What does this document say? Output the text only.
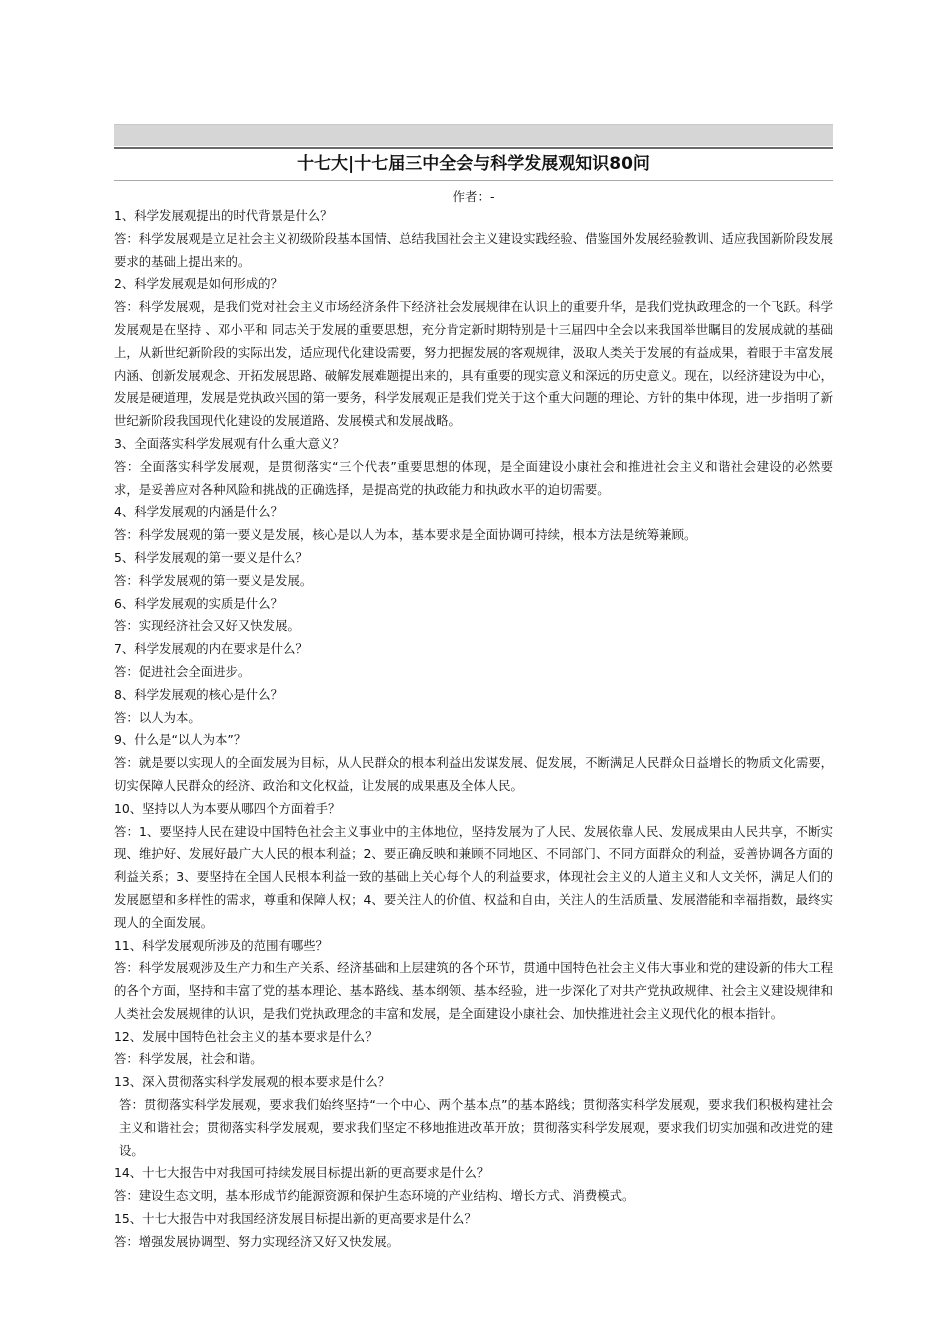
十七大|十七届三中全会与科学发展观知识80问
作者：-

1、科学发展观提出的时代背景是什么？

答：科学发展观是立足社会主义初级阶段基本国情、总结我国社会主义建设实践经验、借鉴国外发展经验教训、适应我国新阶段发展要求的基础上提出来的。

2、科学发展观是如何形成的？

答：科学发展观，是我们党对社会主义市场经济条件下经济社会发展规律在认识上的重要升华，是我们党执政理念的一个飞跃。科学发展观是在坚持 、邓小平和 同志关于发展的重要思想，充分肯定新时期特别是十三届四中全会以来我国举世瞩目的发展成就的基础上，从新世纪新阶段的实际出发，适应现代化建设需要，努力把握发展的客观规律，汲取人类关于发展的有益成果，着眼于丰富发展内涵、创新发展观念、开拓发展思路、破解发展难题提出来的，具有重要的现实意义和深远的历史意义。现在，以经济建设为中心，发展是硬道理，发展是党执政兴国的第一要务，科学发展观正是我们党关于这个重大问题的理论、方针的集中体现，进一步指明了新世纪新阶段我国现代化建设的发展道路、发展模式和发展战略。

3、全面落实科学发展观有什么重大意义？

答：全面落实科学发展观，是贯彻落实“三个代表”重要思想的体现，是全面建设小康社会和推进社会主义和谐社会建设的必然要求，是妥善应对各种风险和挑战的正确选择，是提高党的执政能力和执政水平的迫切需要。

4、科学发展观的内涵是什么？

答：科学发展观的第一要义是发展，核心是以人为本，基本要求是全面协调可持续，根本方法是统筹兼顾。

5、科学发展观的第一要义是什么？

答：科学发展观的第一要义是发展。

6、科学发展观的实质是什么？

答：实现经济社会又好又快发展。

7、科学发展观的内在要求是什么？

答：促进社会全面进步。

8、科学发展观的核心是什么？

答：以人为本。

9、什么是“以人为本”？

答：就是要以实现人的全面发展为目标，从人民群众的根本利益出发谋发展、促发展，不断满足人民群众日益增长的物质文化需要，切实保障人民群众的经济、政治和文化权益，让发展的成果惠及全体人民。

10、坚持以人为本要从哪四个方面着手？

答：1、要坚持人民在建设中国特色社会主义事业中的主体地位，坚持发展为了人民、发展依靠人民、发展成果由人民共享，不断实现、维护好、发展好最广大人民的根本利益；2、要正确反映和兼顾不同地区、不同部门、不同方面群众的利益，妥善协调各方面的利益关系；3、要坚持在全国人民根本利益一致的基础上关心每个人的利益要求，体现社会主义的人道主义和人文关怀，满足人们的发展愿望和多样性的需求，尊重和保障人权；4、要关注人的价值、权益和自由，关注人的生活质量、发展潜能和幸福指数，最终实现人的全面发展。

11、科学发展观所涉及的范围有哪些？

答：科学发展观涉及生产力和生产关系、经济基础和上层建筑的各个环节，贯通中国特色社会主义伟大事业和党的建设新的伟大工程的各个方面，坚持和丰富了党的基本理论、基本路线、基本纲领、基本经验，进一步深化了对共产党执政规律、社会主义建设规律和人类社会发展规律的认识，是我们党执政理念的丰富和发展，是全面建设小康社会、加快推进社会主义现代化的根本指针。

12、发展中国特色社会主义的基本要求是什么？

答：科学发展，社会和谐。

13、深入贯彻落实科学发展观的根本要求是什么？

答：贯彻落实科学发展观，要求我们始终坚持“一个中心、两个基本点”的基本路线；贯彻落实科学发展观，要求我们积极构建社会主义和谐社会；贯彻落实科学发展观，要求我们坚定不移地推进改革开放；贯彻落实科学发展观，要求我们切实加强和改进党的建设。

14、十七大报告中对我国可持续发展目标提出新的更高要求是什么？

答：建设生态文明，基本形成节约能源资源和保护生态环境的产业结构、增长方式、消费模式。

15、十七大报告中对我国经济发展目标提出新的更高要求是什么？

答：增强发展协调型、努力实现经济又好又快发展。
